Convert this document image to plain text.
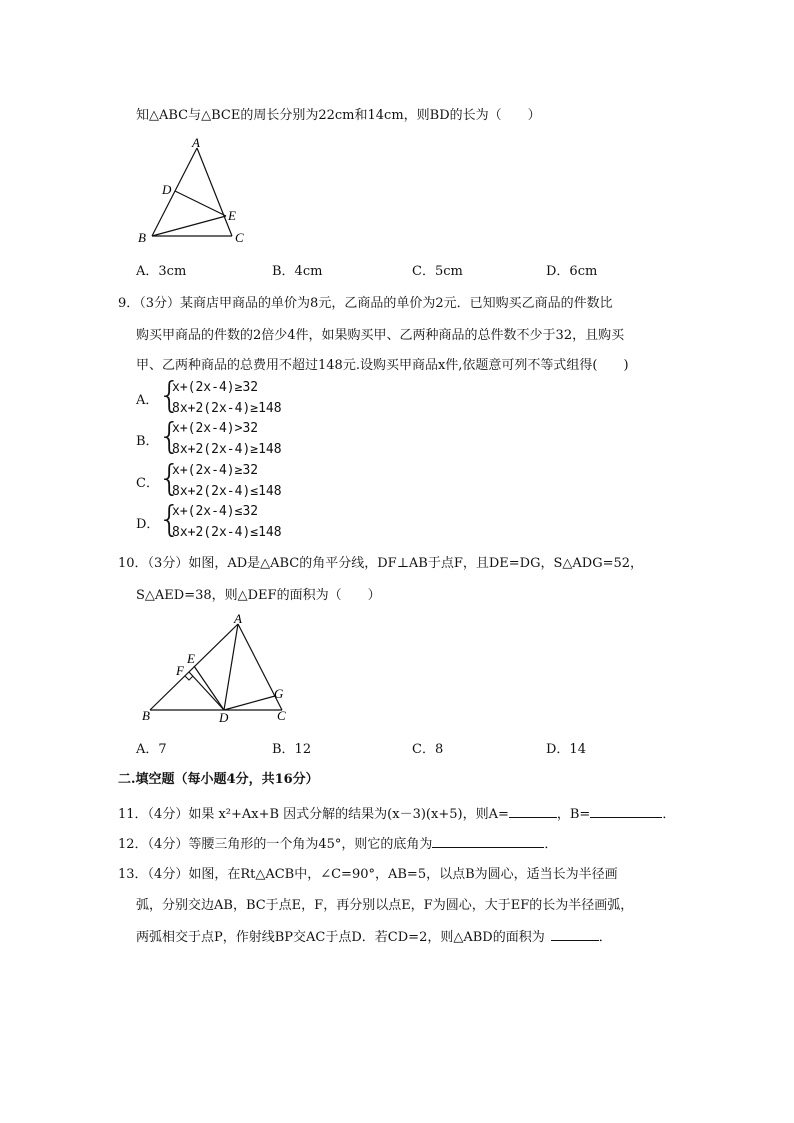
知△ABC与△BCE的周长分别为22cm和14cm，则BD的长为（　　）
A
D
E
B	C
A．3cm	B．4cm	C．5cm	D．6cm
9．（3分）某商店甲商品的单价为8元，乙商品的单价为2元．已知购买乙商品的件数比
购买甲商品的件数的2倍少4件，如果购买甲、乙两种商品的总件数不少于32，且购买
甲、乙两种商品的总费用不超过148元.设购买甲商品x件,依题意可列不等式组得(　　)
A． {
x+(2x-4)≥32
8x+2(2x-4)≥148
B． {
x+(2x-4)>32
8x+2(2x-4)≥148
C． {
x+(2x-4)≥32
8x+2(2x-4)≤148
D．
{
x+(2x-4)≤32
8x+2(2x-4)≤148
10．（3分）如图，AD是△ABC的角平分线，DF⊥AB于点F，且DE=DG，S△ADG=52，
S△AED=38，则△DEF的面积为（　　）
A
E
F
G
B	D	C
A．7	B．12	C．8	D．14
二.填空题（每小题4分，共16分）
11．（4分）如果 x²+Ax+B 因式分解的结果为(x－3)(x+5)，则A=	，B=	．
12．（4分）等腰三角形的一个角为45°，则它的底角为	．
13．（4分）如图，在Rt△ACB中，∠C=90°，AB=5，以点B为圆心，适当长为半径画
弧，分别交边AB，BC于点E，F，再分别以点E，F为圆心，大于EF的长为半径画弧，
两弧相交于点P，作射线BP交AC于点D．若CD=2，则△ABD的面积为	．
